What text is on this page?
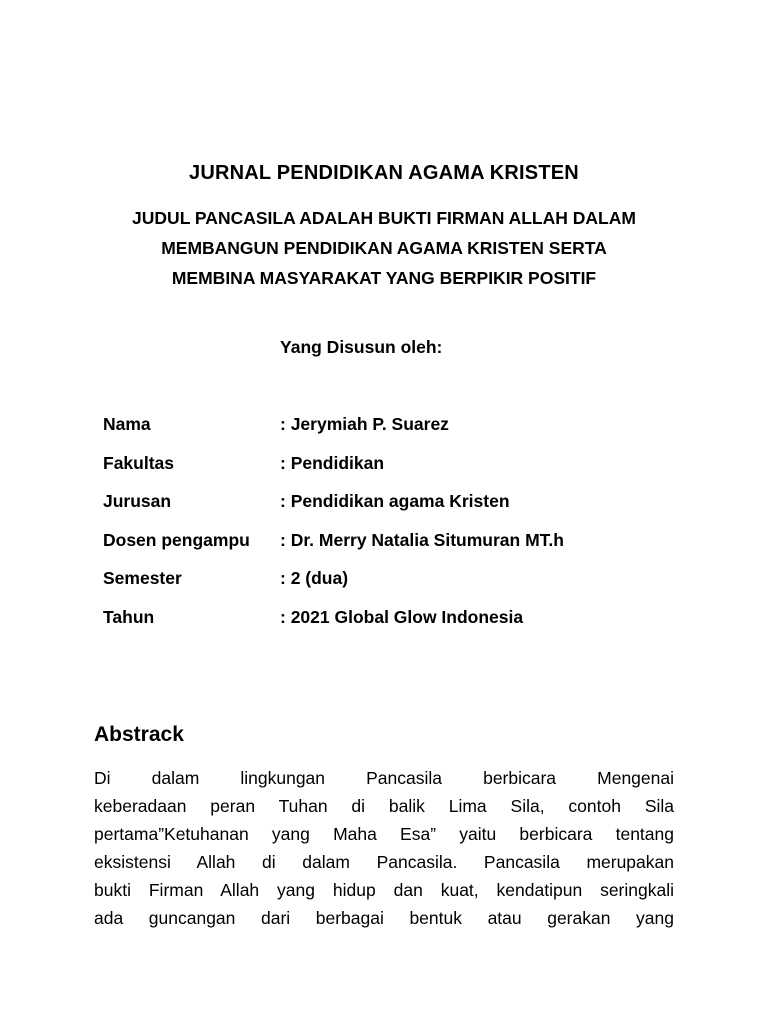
JURNAL PENDIDIKAN AGAMA KRISTEN
JUDUL PANCASILA ADALAH BUKTI FIRMAN ALLAH DALAM
MEMBANGUN PENDIDIKAN AGAMA KRISTEN SERTA
MEMBINA MASYARAKAT YANG BERPIKIR POSITIF
Yang Disusun oleh:
Nama	: Jerymiah P. Suarez
Fakultas	: Pendidikan
Jurusan	: Pendidikan agama Kristen
Dosen pengampu : Dr. Merry Natalia Situmuran MT.h
Semester	: 2 (dua)
Tahun	: 2021 Global Glow Indonesia
Abstrack
Di dalam lingkungan Pancasila berbicara Mengenai
keberadaan peran Tuhan di balik Lima Sila, contoh Sila
pertama”Ketuhanan yang Maha Esa” yaitu berbicara tentang
eksistensi Allah di dalam Pancasila. Pancasila merupakan
bukti Firman Allah yang hidup dan kuat, kendatipun seringkali
ada guncangan dari berbagai bentuk atau gerakan yang
